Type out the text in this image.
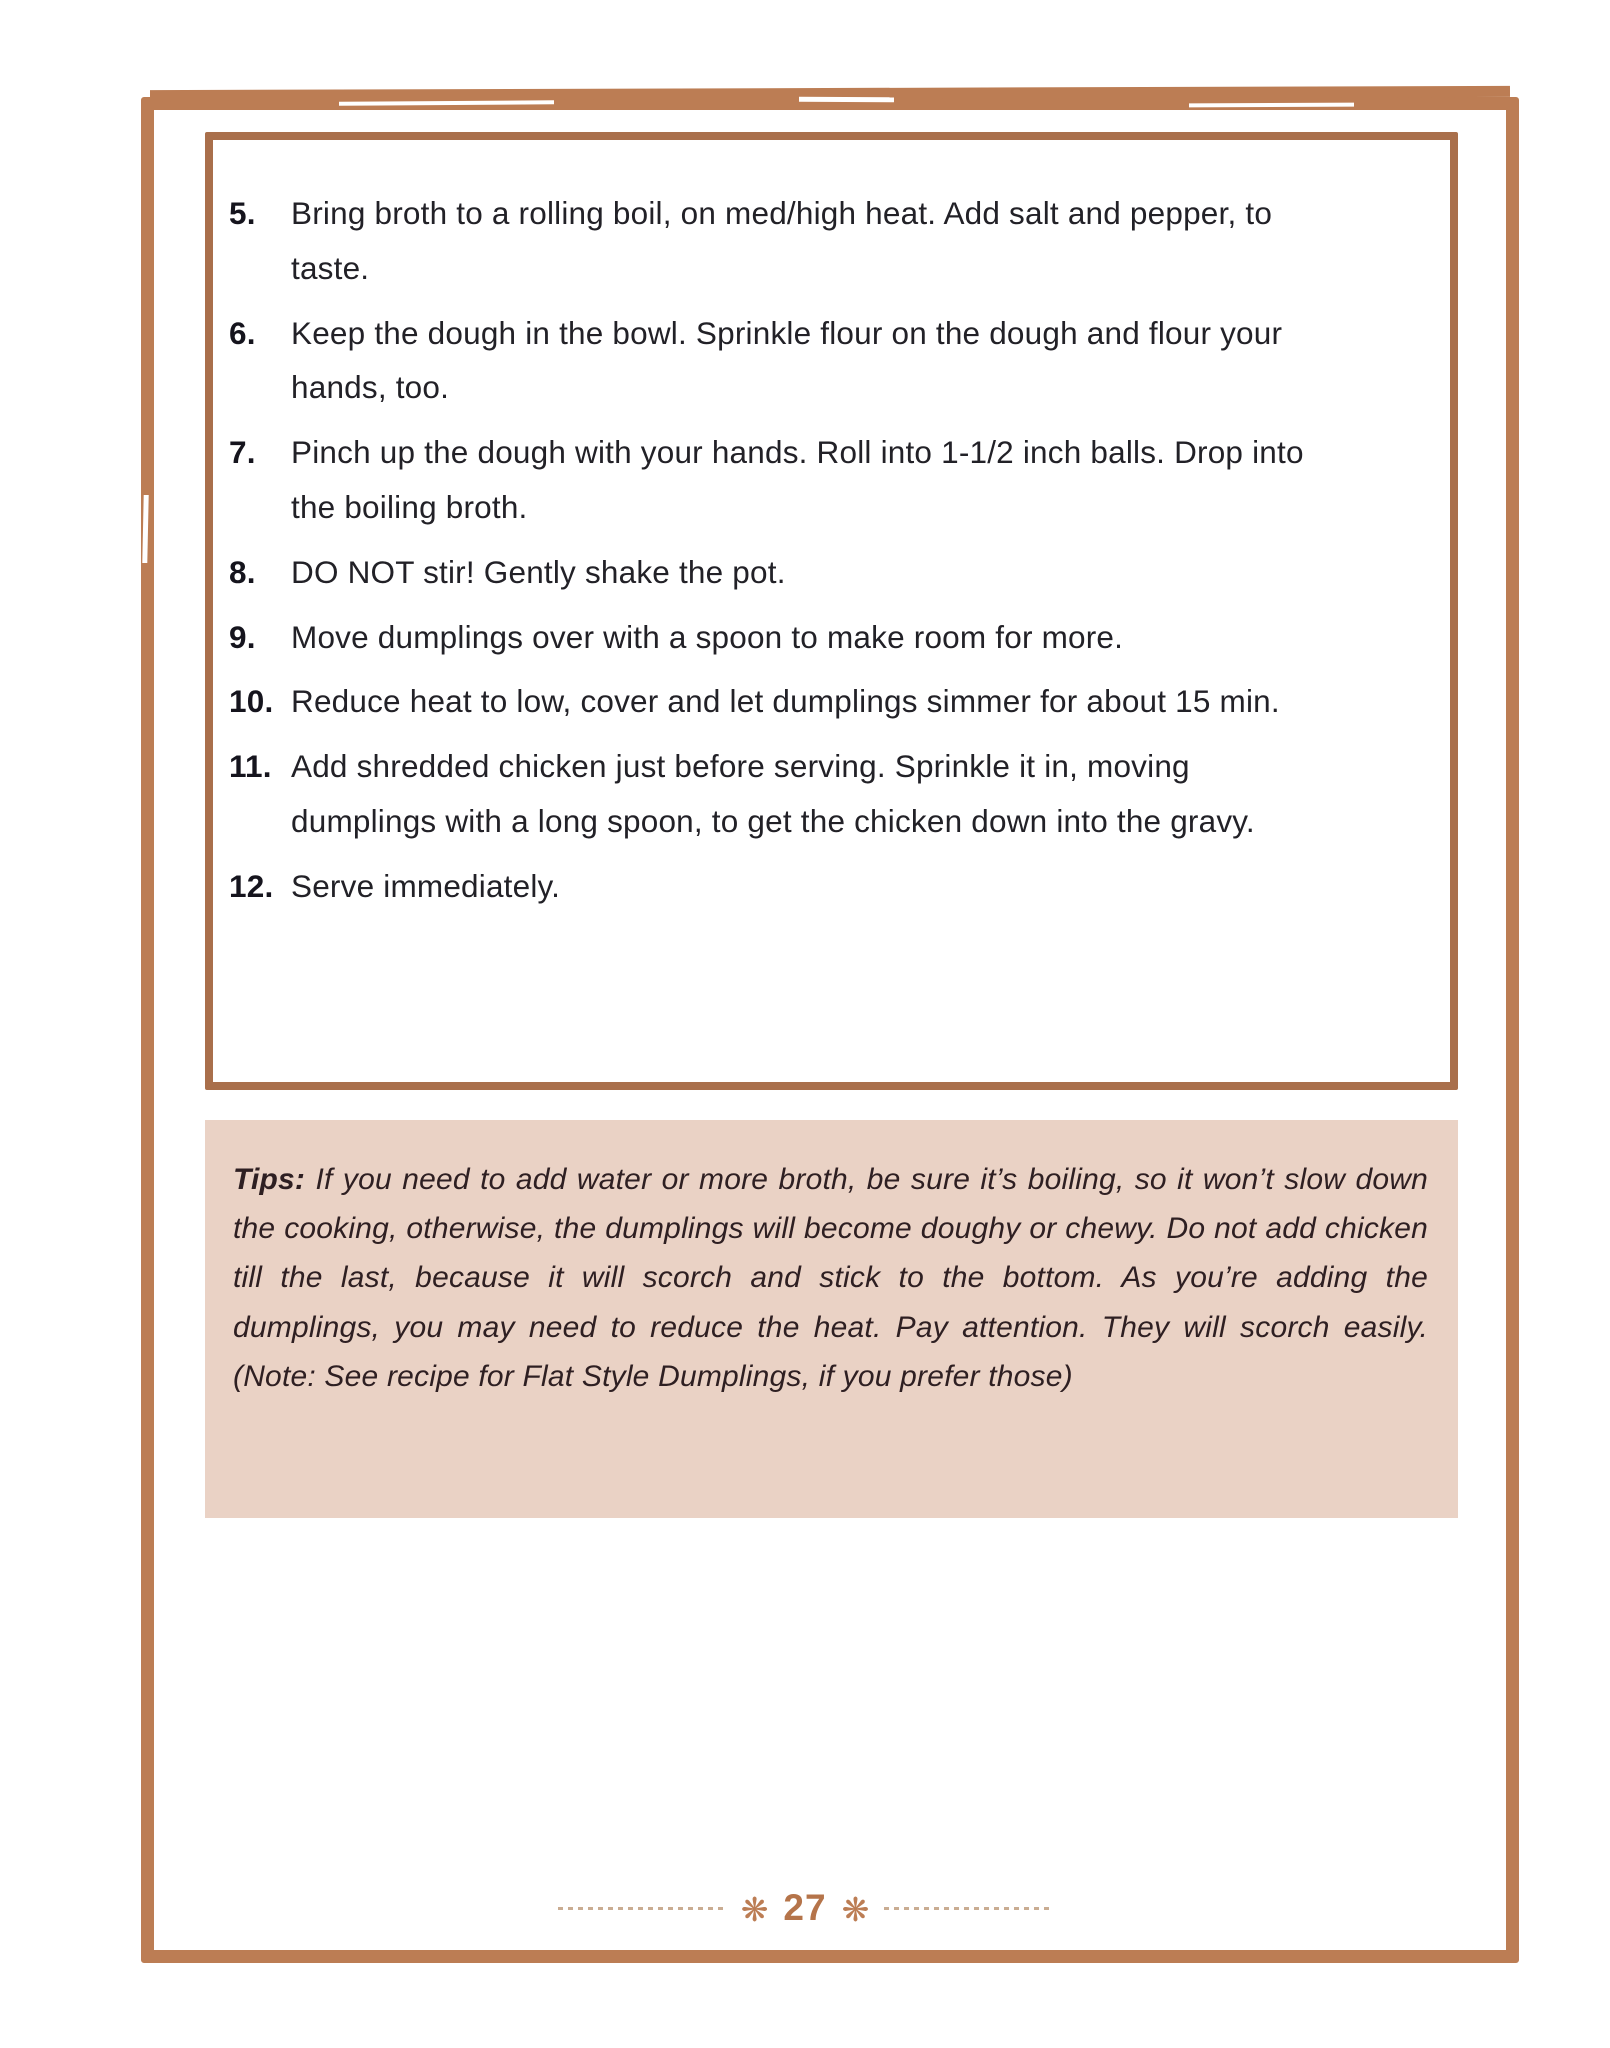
5.	Bring broth to a rolling boil, on med/high heat. Add salt and pepper, to taste.
6.	Keep the dough in the bowl. Sprinkle flour on the dough and flour your hands, too.
7.	Pinch up the dough with your hands. Roll into 1-1/2 inch balls. Drop into the boiling broth.
8.	DO NOT stir! Gently shake the pot.
9.	Move dumplings over with a spoon to make room for more.
10. Reduce heat to low, cover and let dumplings simmer for about 15 min.
11. Add shredded chicken just before serving. Sprinkle it in, moving dumplings with a long spoon, to get the chicken down into the gravy.
12. Serve immediately.

Tips: If you need to add water or more broth, be sure it’s boiling, so it won’t slow down the cooking, otherwise, the dumplings will become doughy or chewy. Do not add chicken till the last, because it will scorch and stick to the bottom. As you’re adding the dumplings, you may need to reduce the heat. Pay attention. They will scorch easily. (Note: See recipe for Flat Style Dumplings, if you prefer those)

❋ 27 ❋
